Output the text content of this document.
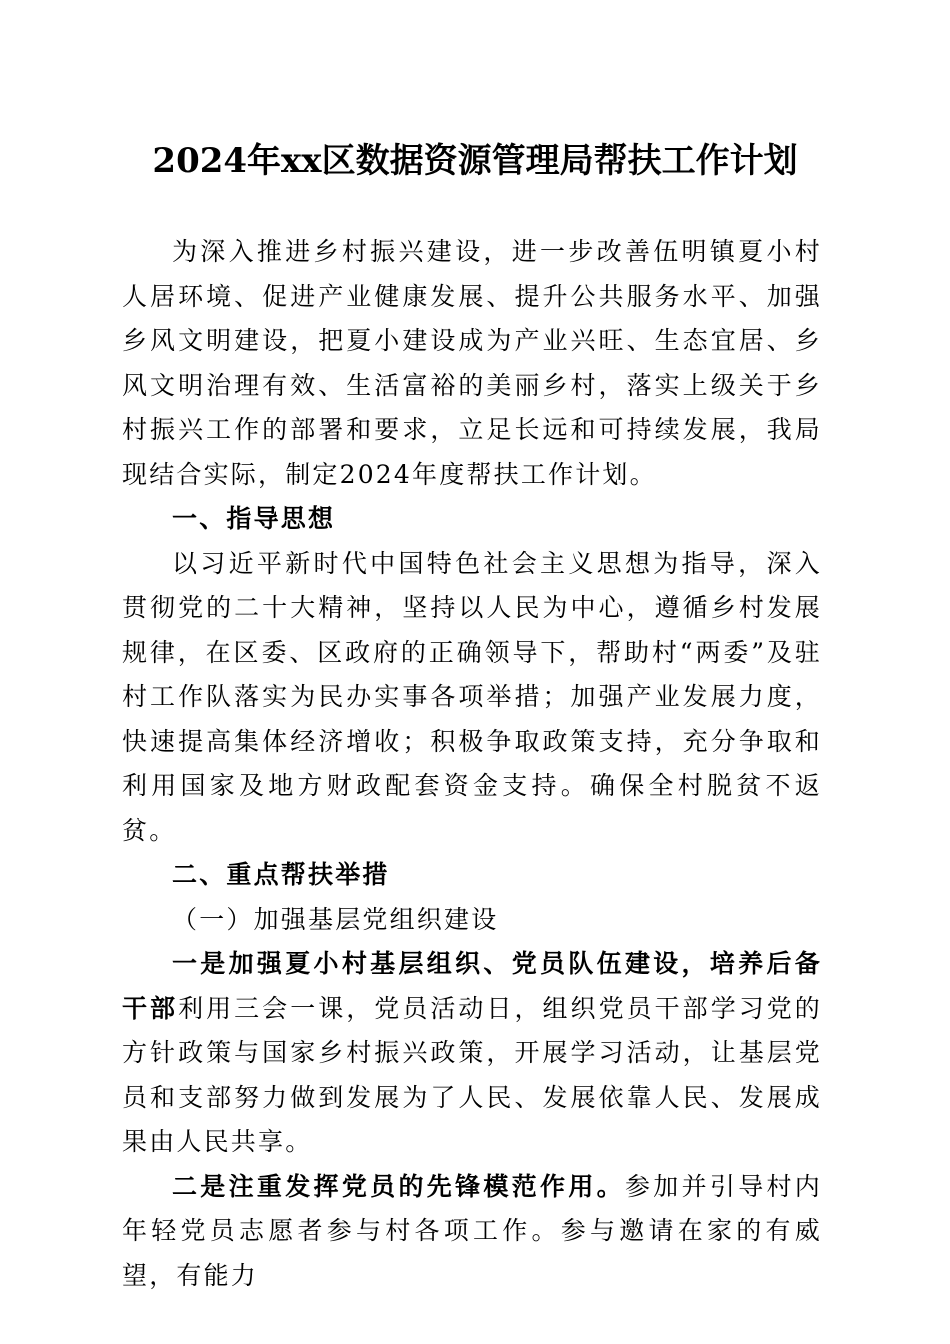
2024年xx区数据资源管理局帮扶工作计划

为深入推进乡村振兴建设，进一步改善伍明镇夏小村人居环境、促进产业健康发展、提升公共服务水平、加强乡风文明建设，把夏小建设成为产业兴旺、生态宜居、乡风文明治理有效、生活富裕的美丽乡村，落实上级关于乡村振兴工作的部署和要求，立足长远和可持续发展，我局现结合实际，制定2024年度帮扶工作计划。

一、指导思想

以习近平新时代中国特色社会主义思想为指导，深入贯彻党的二十大精神，坚持以人民为中心，遵循乡村发展规律，在区委、区政府的正确领导下，帮助村“两委”及驻村工作队落实为民办实事各项举措；加强产业发展力度，快速提高集体经济增收；积极争取政策支持，充分争取和利用国家及地方财政配套资金支持。确保全村脱贫不返贫。

二、重点帮扶举措

（一）加强基层党组织建设

一是加强夏小村基层组织、党员队伍建设，培养后备干部利用三会一课，党员活动日，组织党员干部学习党的方针政策与国家乡村振兴政策，开展学习活动，让基层党员和支部努力做到发展为了人民、发展依靠人民、发展成果由人民共享。

二是注重发挥党员的先锋模范作用。参加并引导村内年轻党员志愿者参与村各项工作。参与邀请在家的有威望，有能力
